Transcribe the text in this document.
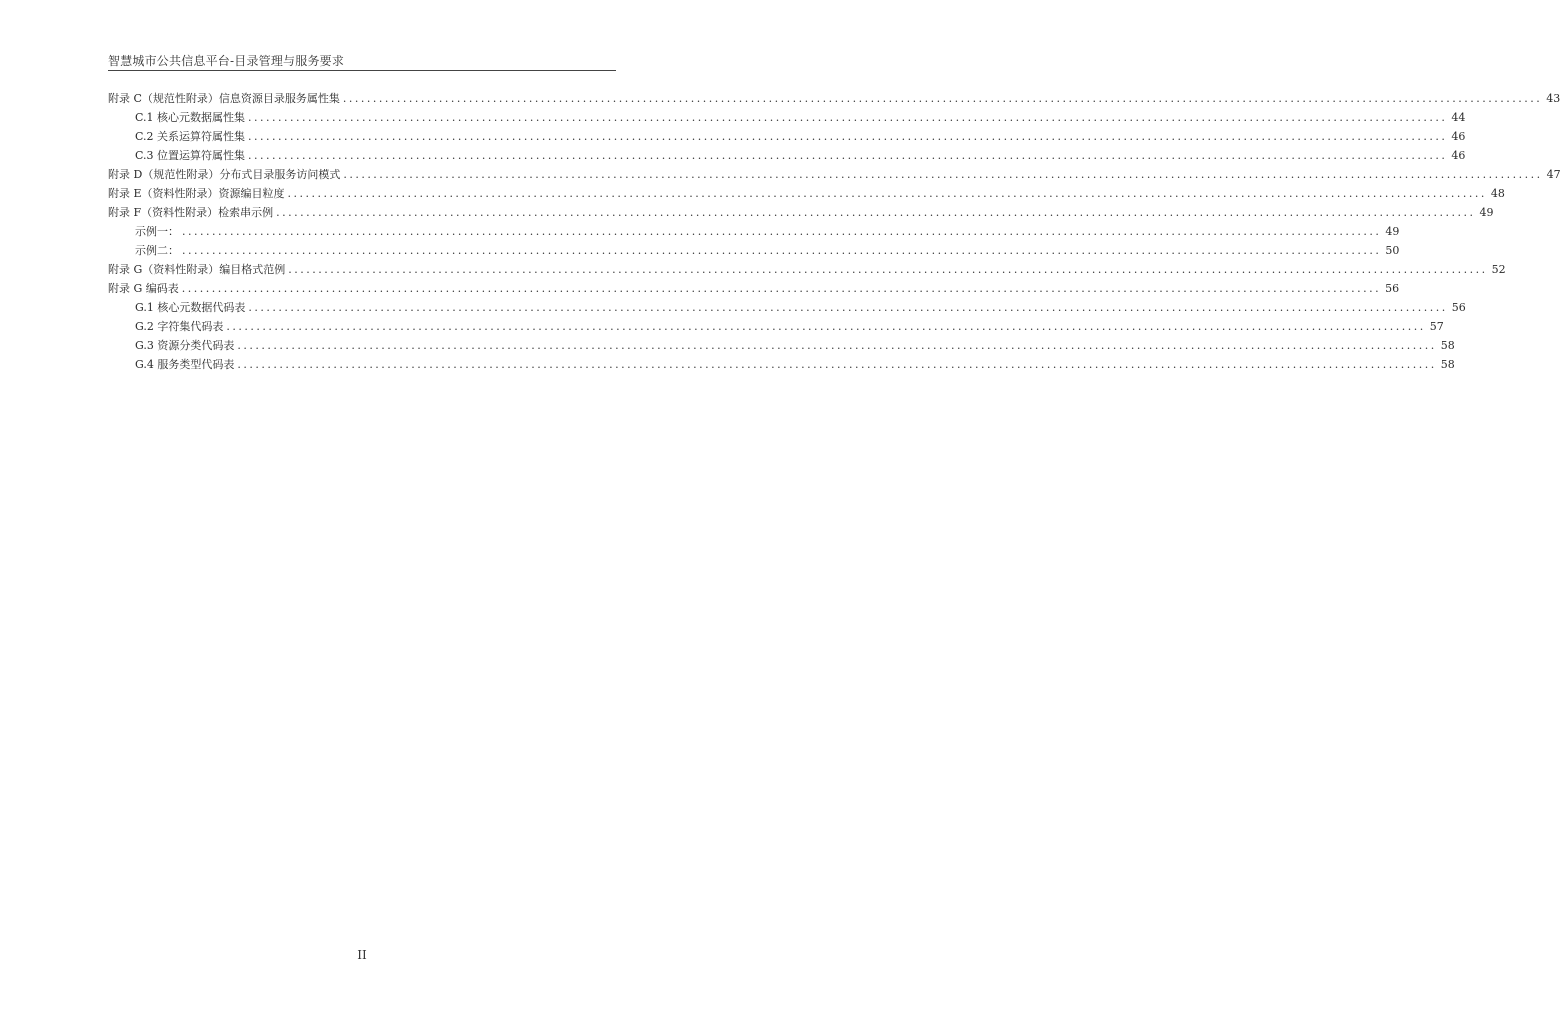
智慧城市公共信息平台-目录管理与服务要求
附录 C（规范性附录）信息资源目录服务属性集 ........................................................................................................................................................................................................ 43
C.1 核心元数据属性集 ........................................................................................................................................................................................................ 44
C.2 关系运算符属性集 ........................................................................................................................................................................................................ 46
C.3 位置运算符属性集 ........................................................................................................................................................................................................ 46
附录 D（规范性附录）分布式目录服务访问模式 ........................................................................................................................................................................................................ 47
附录 E（资料性附录）资源编目粒度 ........................................................................................................................................................................................................ 48
附录 F（资料性附录）检索串示例 ........................................................................................................................................................................................................ 49
示例一： ........................................................................................................................................................................................................ 49
示例二： ........................................................................................................................................................................................................ 50
附录 G（资料性附录）编目格式范例 ........................................................................................................................................................................................................ 52
附录 G 编码表 ........................................................................................................................................................................................................ 56
G.1 核心元数据代码表 ........................................................................................................................................................................................................ 56
G.2 字符集代码表 ........................................................................................................................................................................................................ 57
G.3 资源分类代码表 ........................................................................................................................................................................................................ 58
G.4 服务类型代码表 ........................................................................................................................................................................................................ 58
II
